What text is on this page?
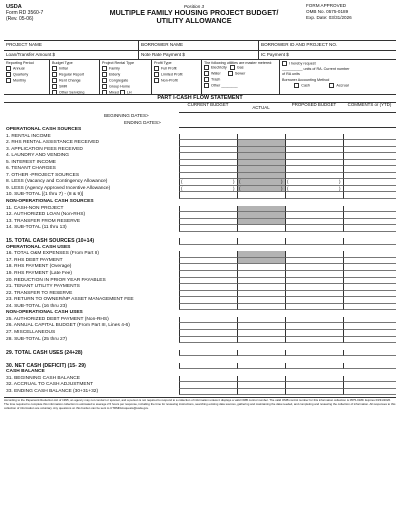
USDA
Form RD 3560-7
(Rev. 05-06)
Position 3
MULTIPLE FAMILY HOUSING PROJECT BUDGET/
UTILITY ALLOWANCE
FORM APPROVED
OMB No. 0575-0189
Exp. Date: 03/31/2026
PROJECT NAME	BORROWER NAME	BORROWER ID AND PROJECT NO.
Loan/Transfer Amount $	Note Rate Payment $	IC Payment $
Reporting Period
Annual
Quarterly
Monthly
Budget Type
Initial
Regular Report
Rent Change
SMR
Other Servicing
Project Rental Type
Family
Elderly
Congregate
Group Home
Mixed LH
Profit Type
Full Profit
Limited Profit
Non-Profit
The following utilities are master metered:
Electricity	Gas
Water	Sewer
Trash
Other ________
I hereby request
__________ units of RA. Current number
of RA units
Borrower Accounting Method
Cash	Accrual
PART I-CASH FLOW STATEMENT
CURRENT BUDGET
ACTUAL
PROPOSED BUDGET	COMMENTS or (YTD)
BEGINNING DATES>
ENDING DATES>
OPERATIONAL CASH SOURCES
1. RENTAL INCOME
2. RHS RENTAL ASSISTANCE RECEIVED
3. APPLICATION FEES RECEIVED
4. LAUNDRY AND VENDING
5. INTEREST INCOME
6. TENANT CHARGES
7. OTHER -PROJECT SOURCES
8. LESS (Vacancy and Contingency Allowance)	(	) (	) (	)
9. LESS (Agency Approved Incentive Allowance)	(	) (	) (	)
10. SUB-TOTAL [(1 thru 7) - (8 & 9)]
NON-OPERATIONAL CASH SOURCES
11. CASH-NON PROJECT
12. AUTHORIZED LOAN (Non-RHS)
13. TRANSFER FROM RESERVE
14. SUB-TOTAL (11 thru 13)
15. TOTAL CASH SOURCES (10+14)
OPERATIONAL CASH USES
16. TOTAL O&M EXPENSES (From Part II)
17. RHS DEBT PAYMENT
18. RHS PAYMENT (Overage)
19. RHS PAYMENT (Late Fee)
20. REDUCTION IN PRIOR YEAR PAYABLES
21. TENANT UTILITY PAYMENTS
22. TRANSFER TO RESERVE
23. RETURN TO OWNER/NP ASSET MANAGEMENT FEE
24. SUB-TOTAL (16 thru 23)
NON-OPERATIONAL CASH USES
25. AUTHORIZED DEBT PAYMENT (Non-RHS)
26. ANNUAL CAPITAL BUDGET (From Part III, Lines 4-6)
27. MISCELLANEOUS
28. SUB-TOTAL (25 thru 27)
29. TOTAL CASH USES (24+28)
30. NET CASH (DEFICIT) (15- 29)
CASH BALANCE
31. BEGINNING CASH BALANCE
32. ACCRUAL TO CASH ADJUSTMENT
33. ENDING CASH BALANCE (30+31+32)
According to the Paperwork Reduction Act of 1995, an agency may not conduct or sponsor, and a person is not required to respond to a collection of information unless it displays a valid OMB control number. The valid OMB control number for this information collection is 0575-0189. Expires 03/31/2026. The time required to complete this information collection is estimated to average 2.5 hours per response, including the time for reviewing instructions, searching existing data sources, gathering and maintaining the data needed, and completing and reviewing the collection of information. All responses to this collection of information are voluntary. Any questions on this burden can be sent to CTRMFHrequests@usda.gov.
